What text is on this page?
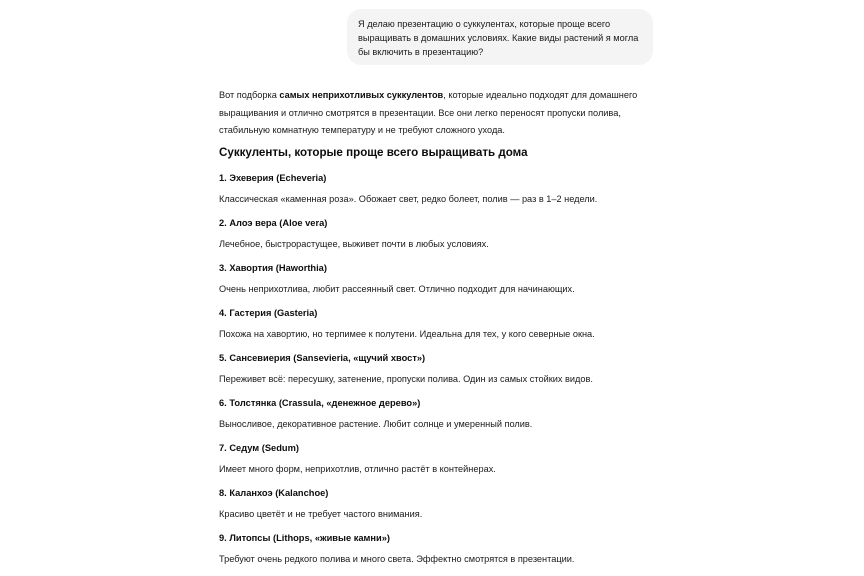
Я делаю презентацию о суккулентах, которые проще всего выращивать в домашних условиях. Какие виды растений я могла бы включить в презентацию?

Вот подборка самых неприхотливых суккулентов, которые идеально подходят для домашнего выращивания и отлично смотрятся в презентации. Все они легко переносят пропуски полива, стабильную комнатную температуру и не требуют сложного ухода.

Суккуленты, которые проще всего выращивать дома
1. Эхеверия (Echeveria)
Классическая «каменная роза». Обожает свет, редко болеет, полив — раз в 1–2 недели.
2. Алоэ вера (Aloe vera)
Лечебное, быстрорастущее, выживет почти в любых условиях.
3. Хавортия (Haworthia)
Очень неприхотлива, любит рассеянный свет. Отлично подходит для начинающих.
4. Гастерия (Gasteria)
Похожа на хавортию, но терпимее к полутени. Идеальна для тех, у кого северные окна.
5. Сансевиерия (Sansevieria, «щучий хвост»)
Переживет всё: пересушку, затенение, пропуски полива. Один из самых стойких видов.
6. Толстянка (Crassula, «денежное дерево»)
Выносливое, декоративное растение. Любит солнце и умеренный полив.
7. Седум (Sedum)
Имеет много форм, неприхотлив, отлично растёт в контейнерах.
8. Каланхоэ (Kalanchoe)
Красиво цветёт и не требует частого внимания.
9. Литопсы (Lithops, «живые камни»)
Требуют очень редкого полива и много света. Эффектно смотрятся в презентации.
